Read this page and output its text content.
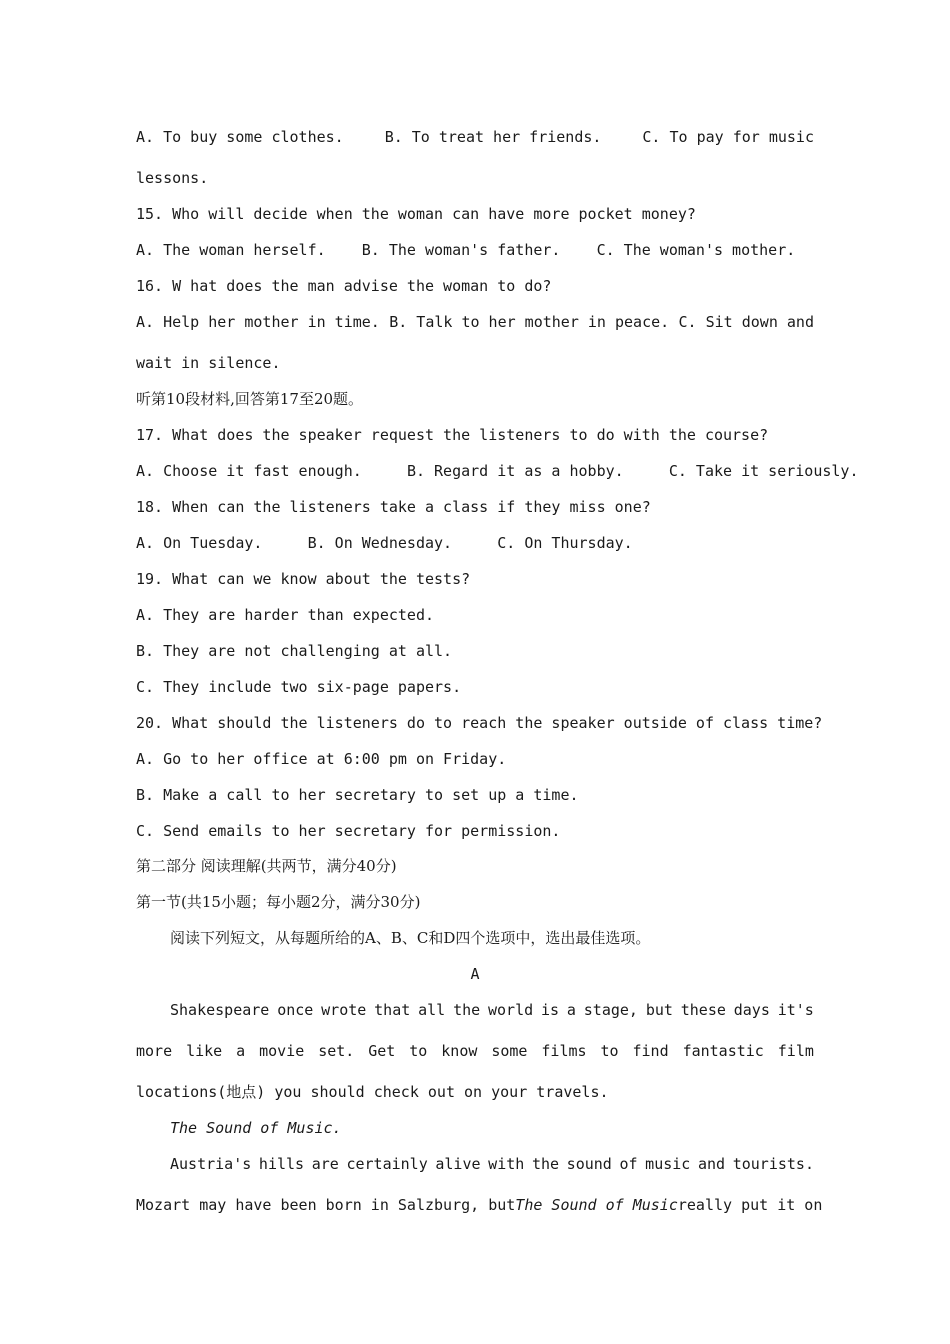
A. To buy some clothes.	B. To treat her friends.	C. To pay for music
lessons.
15. Who will decide when the woman can have more pocket money?
A. The woman herself. B. The woman's father. C. The woman's mother.
16. W hat does the man advise the woman to do?
A. Help her mother in time. B. Talk to her mother in peace. C. Sit down and
wait in silence.
听第10段材料,回答第17至20题。
17. What does the speaker request the listeners to do with the course?
A. Choose it fast enough.	B. Regard it as a hobby.	C. Take it seriously.
18. When can the listeners take a class if they miss one?
A. On Tuesday.	B. On Wednesday.	C. On Thursday.
19. What can we know about the tests?
A. They are harder than expected.
B. They are not challenging at all.
C. They include two six-page papers.
20. What should the listeners do to reach the speaker outside of class time?
A. Go to her office at 6:00 pm on Friday.
B. Make a call to her secretary to set up a time.
C. Send emails to her secretary for permission.
第二部分 阅读理解(共两节，满分40分)
第一节(共15小题；每小题2分，满分30分)
阅读下列短文，从每题所给的A、B、C和D四个选项中，选出最佳选项。
A
Shakespeare once wrote that all the world is a stage, but these days it's
more like a movie set. Get to know some films to find fantastic film
locations(地点) you should check out on your travels.
The Sound of Music.
Austria's hills are certainly alive with the sound of music and tourists.
Mozart may have been born in Salzburg, but The Sound of Music really put it on
